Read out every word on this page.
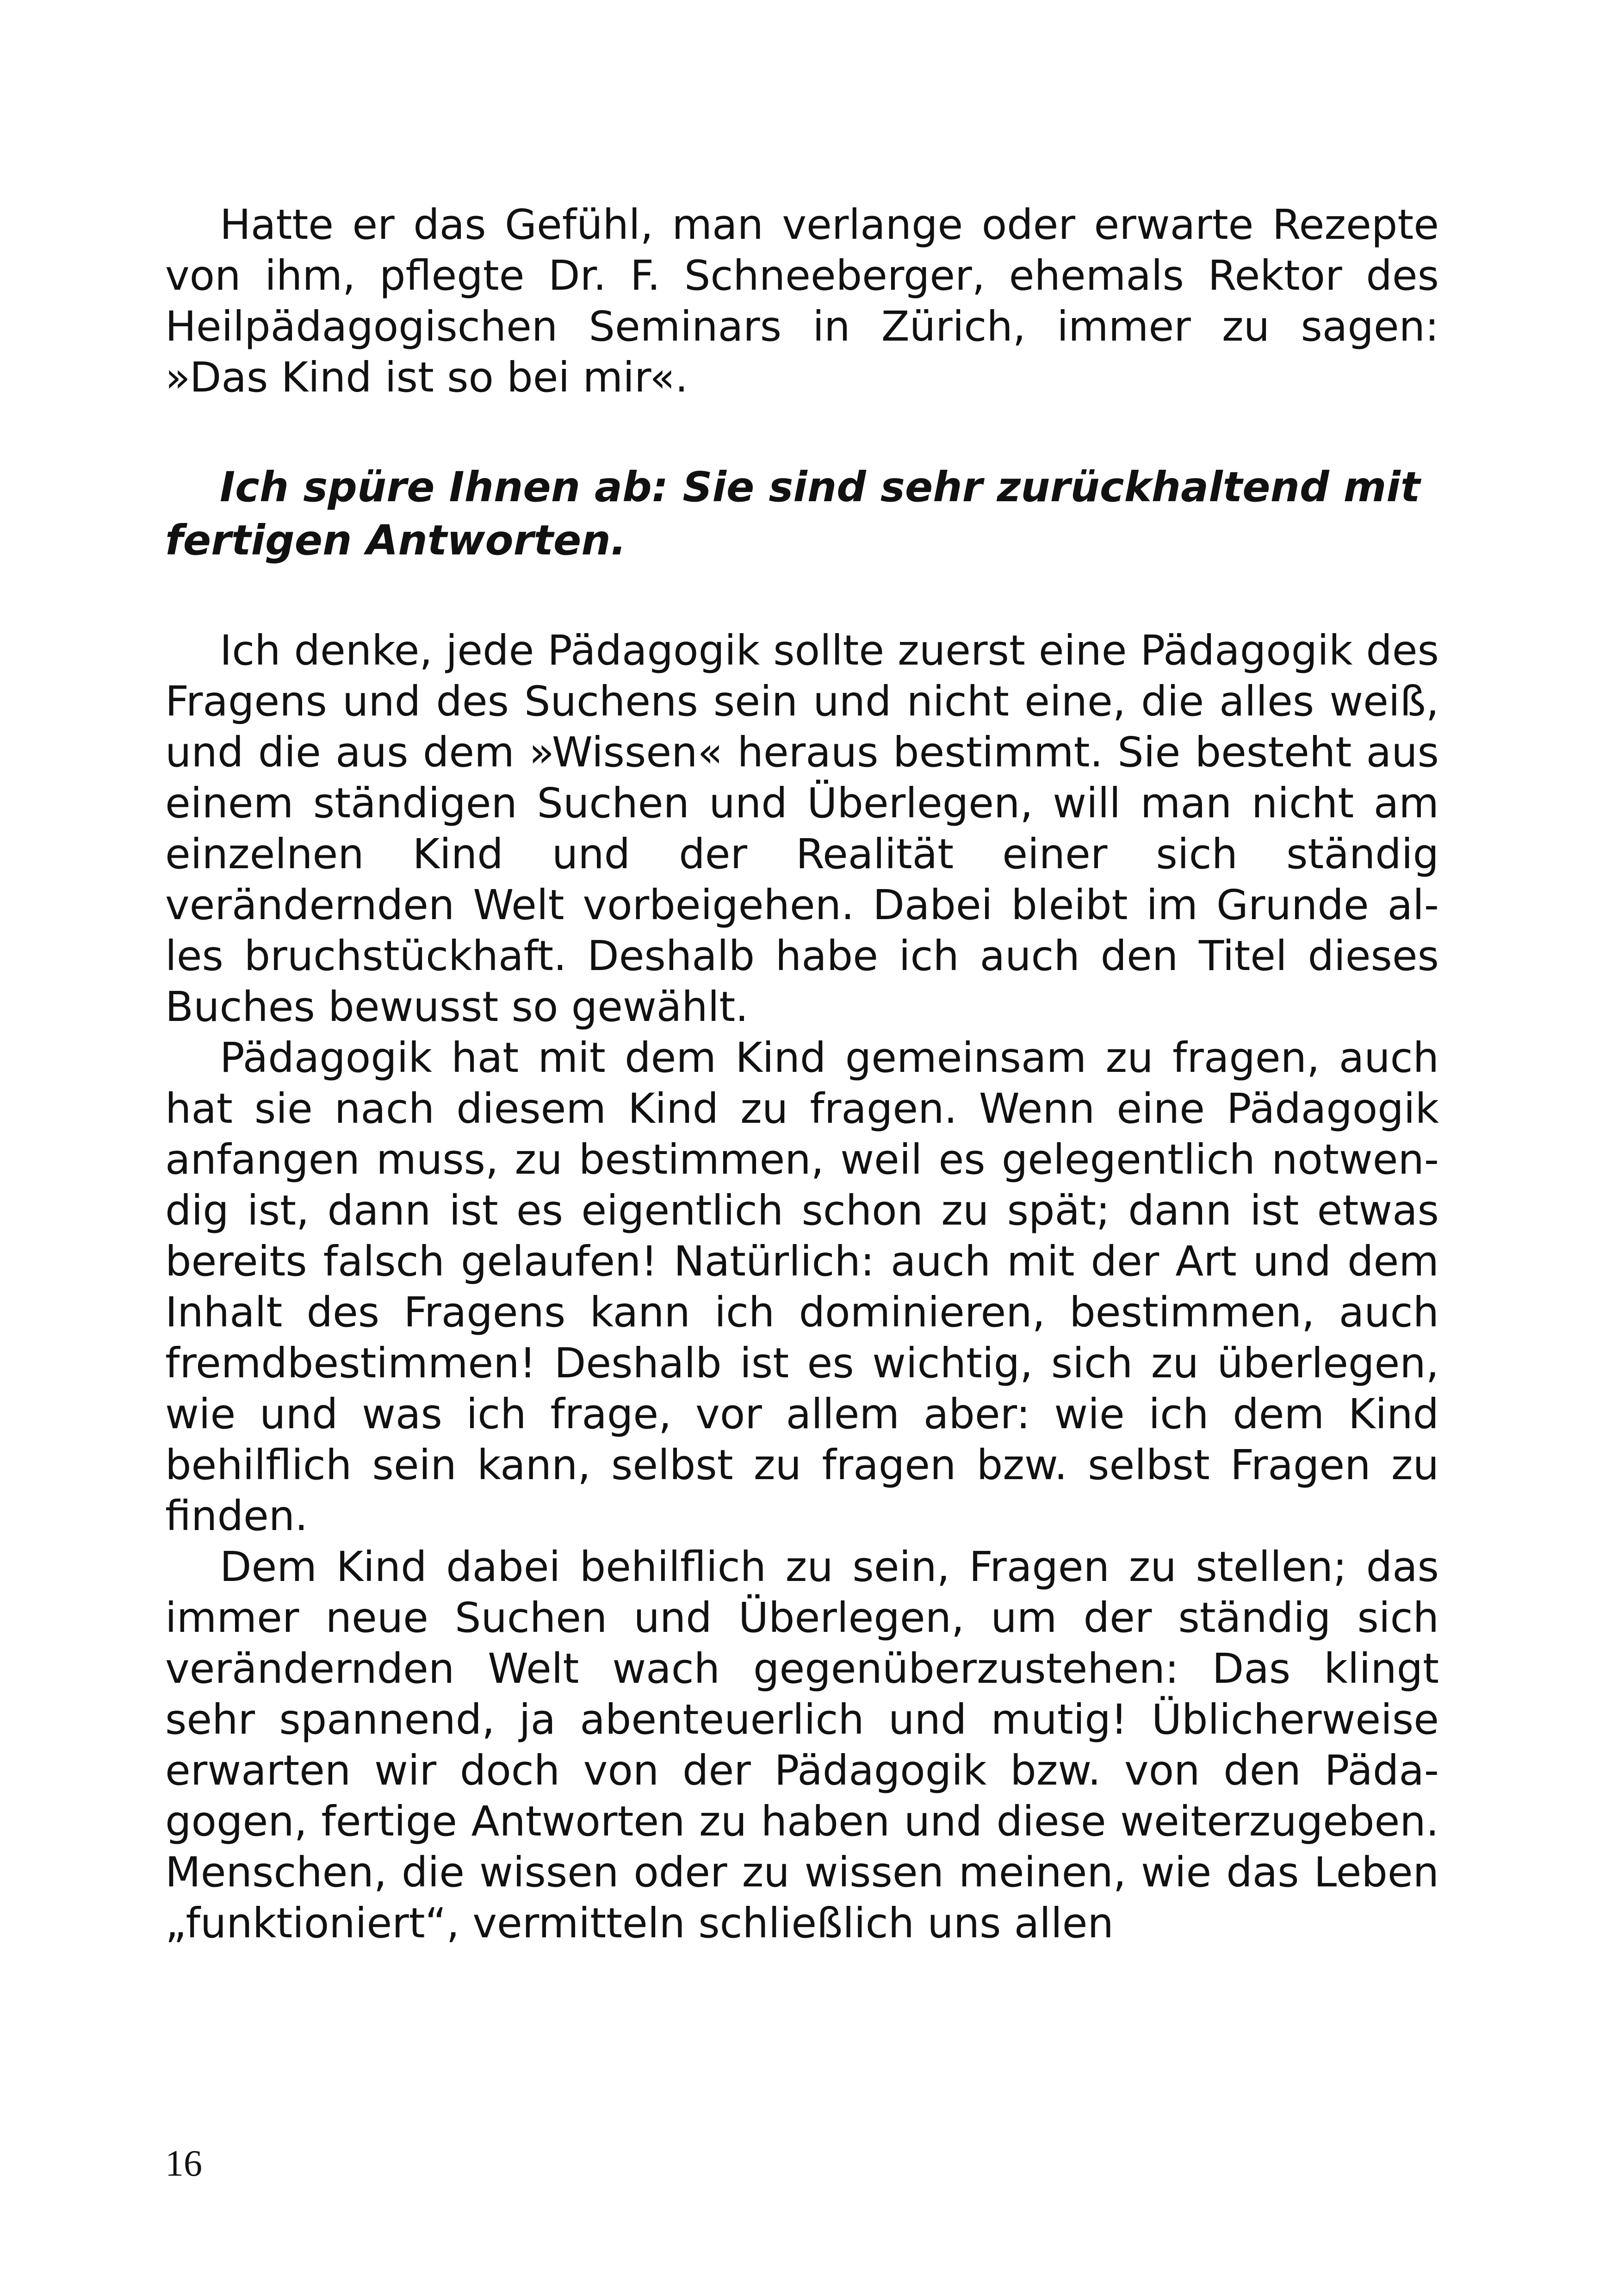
Hatte er das Gefühl, man verlange oder erwarte Rezepte von ihm, pflegte Dr. F. Schneeberger, ehemals Rektor des Heilpädagogischen Seminars in Zürich, immer zu sagen: »Das Kind ist so bei mir«.

Ich spüre Ihnen ab: Sie sind sehr zurückhaltend mit fertigen Antworten.

Ich denke, jede Pädagogik sollte zuerst eine Pädagogik des Fragens und des Suchens sein und nicht eine, die alles weiß, und die aus dem »Wissen« heraus bestimmt. Sie besteht aus einem ständigen Suchen und Überlegen, will man nicht am einzelnen Kind und der Realität einer sich ständig verändernden Welt vorbeigehen. Dabei bleibt im Grunde alles bruchstückhaft. Deshalb habe ich auch den Titel dieses Buches bewusst so gewählt.

Pädagogik hat mit dem Kind gemeinsam zu fragen, auch hat sie nach diesem Kind zu fragen. Wenn eine Pädagogik anfangen muss, zu bestimmen, weil es gelegentlich notwendig ist, dann ist es eigentlich schon zu spät; dann ist etwas bereits falsch gelaufen! Natürlich: auch mit der Art und dem Inhalt des Fragens kann ich dominieren, bestimmen, auch fremdbestimmen! Deshalb ist es wichtig, sich zu überlegen, wie und was ich frage, vor allem aber: wie ich dem Kind behilflich sein kann, selbst zu fragen bzw. selbst Fragen zu finden.

Dem Kind dabei behilflich zu sein, Fragen zu stellen; das immer neue Suchen und Überlegen, um der ständig sich verändernden Welt wach gegenüberzustehen: Das klingt sehr spannend, ja abenteuerlich und mutig! Üblicherweise erwarten wir doch von der Pädagogik bzw. von den Pädagogen, fertige Antworten zu haben und diese weiterzugeben. Menschen, die wissen oder zu wissen meinen, wie das Leben „funktioniert“, vermitteln schließlich uns allen

16
